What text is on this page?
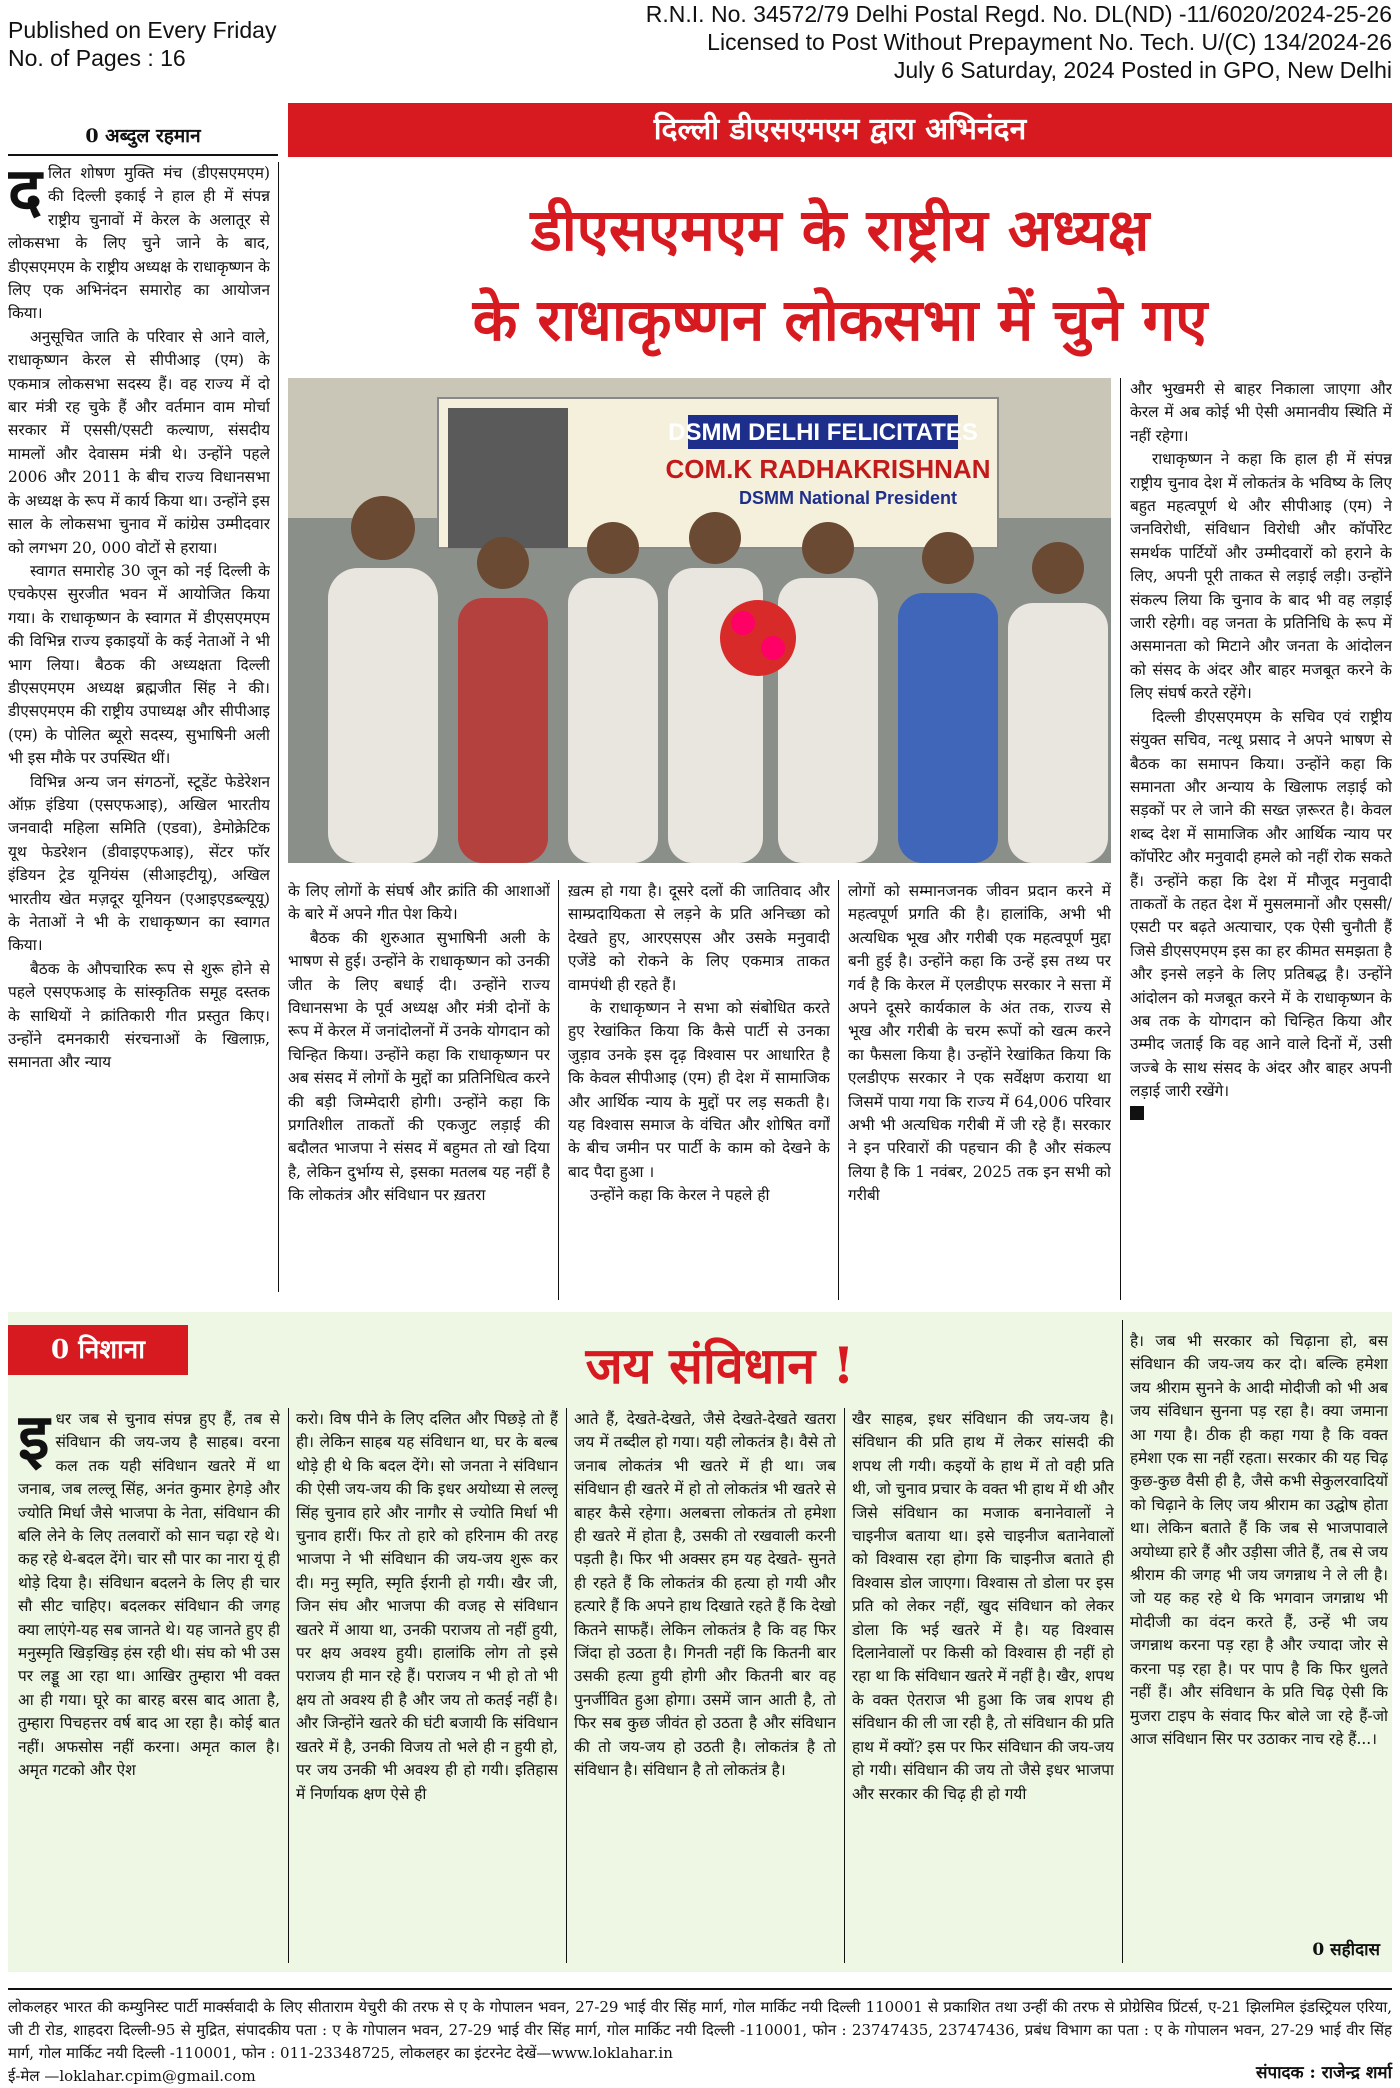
Published on Every Friday
No. of Pages : 16
R.N.I. No. 34572/79 Delhi Postal Regd. No. DL(ND) -11/6020/2024-25-26
Licensed to Post Without Prepayment No. Tech. U/(C) 134/2024-26
July 6 Saturday, 2024 Posted in GPO, New Delhi
0 अब्दुल रहमान	दिल्ली डीएसएमएम द्वारा अभिनंदन
डीएसएमएम के राष्ट्रीय अध्यक्ष
के राधाकृष्णन लोकसभा में चुने गए
द लित शोषण मुक्ति मंच (डीएसएमएम) की दिल्ली इकाई ने हाल ही में संपन्न राष्ट्रीय चुनावों में केरल के अलातूर से लोकसभा के लिए चुने जाने के बाद, डीएसएमएम के राष्ट्रीय अध्यक्ष के राधाकृष्णन के लिए एक अभिनंदन समारोह का आयोजन किया।

अनुसूचित जाति के परिवार से आने वाले, राधाकृष्णन केरल से सीपीआइ (एम) के एकमात्र लोकसभा सदस्य हैं। वह राज्य में दो बार मंत्री रह चुके हैं और वर्तमान वाम मोर्चा सरकार में एससी/एसटी कल्याण, संसदीय मामलों और देवासम मंत्री थे। उन्होंने पहले 2006 और 2011 के बीच राज्य विधानसभा के अध्यक्ष के रूप में कार्य किया था। उन्होंने इस साल के लोकसभा चुनाव में कांग्रेस उम्मीदवार को लगभग 20, 000 वोटों से हराया।

स्वागत समारोह 30 जून को नई दिल्ली के एचकेएस सुरजीत भवन में आयोजित किया गया। के राधाकृष्णन के स्वागत में डीएसएमएम की विभिन्न राज्य इकाइयों के कई नेताओं ने भी भाग लिया। बैठक की अध्यक्षता दिल्ली डीएसएमएम अध्यक्ष ब्रह्मजीत सिंह ने की। डीएसएमएम की राष्ट्रीय उपाध्यक्ष और सीपीआइ (एम) के पोलित ब्यूरो सदस्य, सुभाषिनी अली भी इस मौके पर उपस्थित थीं।

विभिन्न अन्य जन संगठनों, स्टूडेंट फेडेरेशन ऑफ़ इंडिया (एसएफआइ), अखिल भारतीय जनवादी महिला समिति (एडवा), डेमोक्रेटिक यूथ फेडरेशन (डीवाइएफआइ), सेंटर फॉर इंडियन ट्रेड यूनियंस (सीआइटीयू), अखिल भारतीय खेत मज़दूर यूनियन (एआइएडब्ल्यूयू) के नेताओं ने भी के राधाकृष्णन का स्वागत किया।

बैठक के औपचारिक रूप से शुरू होने से पहले एसएफआइ के सांस्कृतिक समूह दस्तक के साथियों ने क्रांतिकारी गीत प्रस्तुत किए। उन्होंने दमनकारी संरचनाओं के खिलाफ़, समानता और न्याय

DSMM DELHI FELICITATES
COM.K RADHAKRISHNAN
DSMM National President

के लिए लोगों के संघर्ष और क्रांति की आशाओं के बारे में अपने गीत पेश किये।

बैठक की शुरुआत सुभाषिनी अली के भाषण से हुई। उन्होंने के राधाकृष्णन को उनकी जीत के लिए बधाई दी। उन्होंने राज्य विधानसभा के पूर्व अध्यक्ष और मंत्री दोनों के रूप में केरल में जनांदोलनों में उनके योगदान को चिन्हित किया। उन्होंने कहा कि राधाकृष्णन पर अब संसद में लोगों के मुद्दों का प्रतिनिधित्व करने की बड़ी जिम्मेदारी होगी। उन्होंने कहा कि प्रगतिशील ताकतों की एकजुट लड़ाई की बदौलत भाजपा ने संसद में बहुमत तो खो दिया है, लेकिन दुर्भाग्य से, इसका मतलब यह नहीं है कि लोकतंत्र और संविधान पर ख़तरा

ख़त्म हो गया है। दूसरे दलों की जातिवाद और साम्प्रदायिकता से लड़ने के प्रति अनिच्छा को देखते हुए, आरएसएस और उसके मनुवादी एजेंडे को रोकने के लिए एकमात्र ताकत वामपंथी ही रहते हैं।

के राधाकृष्णन ने सभा को संबोधित करते हुए रेखांकित किया कि कैसे पार्टी से उनका जुड़ाव उनके इस दृढ़ विश्वास पर आधारित है कि केवल सीपीआइ (एम) ही देश में सामाजिक और आर्थिक न्याय के मुद्दों पर लड़ सकती है। यह विश्वास समाज के वंचित और शोषित वर्गों के बीच जमीन पर पार्टी के काम को देखने के बाद पैदा हुआ ।

उन्होंने कहा कि केरल ने पहले ही

लोगों को सम्मानजनक जीवन प्रदान करने में महत्वपूर्ण प्रगति की है। हालांकि, अभी भी अत्यधिक भूख और गरीबी एक महत्वपूर्ण मुद्दा बनी हुई है। उन्होंने कहा कि उन्हें इस तथ्य पर गर्व है कि केरल में एलडीएफ सरकार ने सत्ता में अपने दूसरे कार्यकाल के अंत तक, राज्य से भूख और गरीबी के चरम रूपों को खत्म करने का फैसला किया है। उन्होंने रेखांकित किया कि एलडीएफ सरकार ने एक सर्वेक्षण कराया था जिसमें पाया गया कि राज्य में 64,006 परिवार अभी भी अत्यधिक गरीबी में जी रहे हैं। सरकार ने इन परिवारों की पहचान की है और संकल्प लिया है कि 1 नवंबर, 2025 तक इन सभी को गरीबी

और भुखमरी से बाहर निकाला जाएगा और केरल में अब कोई भी ऐसी अमानवीय स्थिति में नहीं रहेगा।

राधाकृष्णन ने कहा कि हाल ही में संपन्न राष्ट्रीय चुनाव देश में लोकतंत्र के भविष्य के लिए बहुत महत्वपूर्ण थे और सीपीआइ (एम) ने जनविरोधी, संविधान विरोधी और कॉर्पोरेट समर्थक पार्टियों और उम्मीदवारों को हराने के लिए, अपनी पूरी ताकत से लड़ाई लड़ी। उन्होंने संकल्प लिया कि चुनाव के बाद भी वह लड़ाई जारी रहेगी। वह जनता के प्रतिनिधि के रूप में असमानता को मिटाने और जनता के आंदोलन को संसद के अंदर और बाहर मजबूत करने के लिए संघर्ष करते रहेंगे।

दिल्ली डीएसएमएम के सचिव एवं राष्ट्रीय संयुक्त सचिव, नत्थू प्रसाद ने अपने भाषण से बैठक का समापन किया। उन्होंने कहा कि समानता और अन्याय के खिलाफ लड़ाई को सड़कों पर ले जाने की सख्त ज़रूरत है। केवल शब्द देश में सामाजिक और आर्थिक न्याय पर कॉर्पोरेट और मनुवादी हमले को नहीं रोक सकते हैं। उन्होंने कहा कि देश में मौजूद मनुवादी ताकतों के तहत देश में मुसलमानों और एससी/एसटी पर बढ़ते अत्याचार, एक ऐसी चुनौती हैं जिसे डीएसएमएम इस का हर कीमत समझता है और इनसे लड़ने के लिए प्रतिबद्ध है। उन्होंने आंदोलन को मजबूत करने में के राधाकृष्णन के अब तक के योगदान को चिन्हित किया और उम्मीद जताई कि वह आने वाले दिनों में, उसी जज्बे के साथ संसद के अंदर और बाहर अपनी लड़ाई जारी रखेंगे।

0 निशाना	जय संविधान !
इ धर जब से चुनाव संपन्न हुए हैं, तब से संविधान की जय-जय है साहब। वरना कल तक यही संविधान खतरे में था जनाब, जब लल्लू सिंह, अनंत कुमार हेगड़े और ज्योति मिर्धा जैसे भाजपा के नेता, संविधान की बलि लेने के लिए तलवारों को सान चढ़ा रहे थे। कह रहे थे-बदल देंगे। चार सौ पार का नारा यूं ही थोड़े दिया है। संविधान बदलने के लिए ही चार सौ सीट चाहिए। बदलकर संविधान की जगह क्या लाएंगे-यह सब जानते थे। यह जानते हुए ही मनुस्मृति खिड़खिड़ हंस रही थी। संघ को भी उस पर लड्डू आ रहा था। आखिर तुम्हारा भी वक्त आ ही गया। घूरे का बारह बरस बाद आता है, तुम्हारा पिचहत्तर वर्ष बाद आ रहा है। कोई बात नहीं। अफसोस नहीं करना। अमृत काल है। अमृत गटको और ऐश
करो। विष पीने के लिए दलित और पिछड़े तो हैं ही। लेकिन साहब यह संविधान था, घर के बल्ब थोड़े ही थे कि बदल देंगे। सो जनता ने संविधान की ऐसी जय-जय की कि इधर अयोध्या से लल्लू सिंह चुनाव हारे और नागौर से ज्योति मिर्धा भी चुनाव हारीं। फिर तो हारे को हरिनाम की तरह भाजपा ने भी संविधान की जय-जय शुरू कर दी। मनु स्मृति, स्मृति ईरानी हो गयी। खैर जी, जिन संघ और भाजपा की वजह से संविधान खतरे में आया था, उनकी पराजय तो नहीं हुयी, पर क्षय अवश्य हुयी। हालांकि लोग तो इसे पराजय ही मान रहे हैं। पराजय न भी हो तो भी क्षय तो अवश्य ही है और जय तो कतई नहीं है। और जिन्होंने खतरे की घंटी बजायी कि संविधान खतरे में है, उनकी विजय तो भले ही न हुयी हो, पर जय उनकी भी अवश्य ही हो गयी। इतिहास में निर्णायक क्षण ऐसे ही
आते हैं, देखते-देखते, जैसे देखते-देखते खतरा जय में तब्दील हो गया। यही लोकतंत्र है। वैसे तो जनाब लोकतंत्र भी खतरे में ही था। जब संविधान ही खतरे में हो तो लोकतंत्र भी खतरे से बाहर कैसे रहेगा। अलबत्ता लोकतंत्र तो हमेशा ही खतरे में होता है, उसकी तो रखवाली करनी पड़ती है। फिर भी अक्सर हम यह देखते- सुनते ही रहते हैं कि लोकतंत्र की हत्या हो गयी और हत्यारे हैं कि अपने हाथ दिखाते रहते हैं कि देखो कितने साफहैं। लेकिन लोकतंत्र है कि वह फिर जिंदा हो उठता है। गिनती नहीं कि कितनी बार उसकी हत्या हुयी होगी और कितनी बार वह पुनर्जीवित हुआ होगा। उसमें जान आती है, तो फिर सब कुछ जीवंत हो उठता है और संविधान की तो जय-जय हो उठती है। लोकतंत्र है तो संविधान है। संविधान है तो लोकतंत्र है।
खैर साहब, इधर संविधान की जय-जय है। संविधान की प्रति हाथ में लेकर सांसदी की शपथ ली गयी। कइयों के हाथ में तो वही प्रति थी, जो चुनाव प्रचार के वक्त भी हाथ में थी और जिसे संविधान का मजाक बनानेवालों ने चाइनीज बताया था। इसे चाइनीज बतानेवालों को विश्वास रहा होगा कि चाइनीज बताते ही विश्वास डोल जाएगा। विश्वास तो डोला पर इस प्रति को लेकर नहीं, खुद संविधान को लेकर डोला कि भई खतरे में है। यह विश्वास दिलानेवालों पर किसी को विश्वास ही नहीं हो रहा था कि संविधान खतरे में नहीं है। खैर, शपथ के वक्त ऐतराज भी हुआ कि जब शपथ ही संविधान की ली जा रही है, तो संविधान की प्रति हाथ में क्यों? इस पर फिर संविधान की जय-जय हो गयी। संविधान की जय तो जैसे इधर भाजपा और सरकार की चिढ़ ही हो गयी
है। जब भी सरकार को चिढ़ाना हो, बस संविधान की जय-जय कर दो। बल्कि हमेशा जय श्रीराम सुनने के आदी मोदीजी को भी अब जय संविधान सुनना पड़ रहा है। क्या जमाना आ गया है। ठीक ही कहा गया है कि वक्त हमेशा एक सा नहीं रहता। सरकार की यह चिढ़ कुछ-कुछ वैसी ही है, जैसे कभी सेकुलरवादियों को चिढ़ाने के लिए जय श्रीराम का उद्घोष होता था। लेकिन बताते हैं कि जब से भाजपावाले अयोध्या हारे हैं और उड़ीसा जीते हैं, तब से जय श्रीराम की जगह भी जय जगन्नाथ ने ले ली है। जो यह कह रहे थे कि भगवान जगन्नाथ भी मोदीजी का वंदन करते हैं, उन्हें भी जय जगन्नाथ करना पड़ रहा है और ज्यादा जोर से करना पड़ रहा है। पर पाप है कि फिर धुलते नहीं हैं। और संविधान के प्रति चिढ़ ऐसी कि मुजरा टाइप के संवाद फिर बोले जा रहे हैं-जो आज संविधान सिर पर उठाकर नाच रहे हैं...।
0 सहीदास
लोकलहर भारत की कम्युनिस्ट पार्टी मार्क्सवादी के लिए सीताराम येचुरी की तरफ से ए के गोपालन भवन, 27-29 भाई वीर सिंह मार्ग, गोल मार्किट नयी दिल्ली 110001 से प्रकाशित तथा उन्हीं की तरफ से प्रोग्रेसिव प्रिंटर्स, ए-21 झिलमिल इंडस्ट्रियल एरिया, जी टी रोड, शाहदरा दिल्ली-95 से मुद्रित, संपादकीय पता : ए के गोपालन भवन, 27-29 भाई वीर सिंह मार्ग, गोल मार्किट नयी दिल्ली -110001, फोन : 23747435, 23747436, प्रबंध विभाग का पता : ए के गोपालन भवन, 27-29 भाई वीर सिंह मार्ग, गोल मार्किट नयी दिल्ली -110001, फोन : 011-23348725, लोकलहर का इंटरनेट देखें—www.loklahar.in
ई-मेल —loklahar.cpim@gmail.com	संपादक : राजेन्द्र शर्मा
